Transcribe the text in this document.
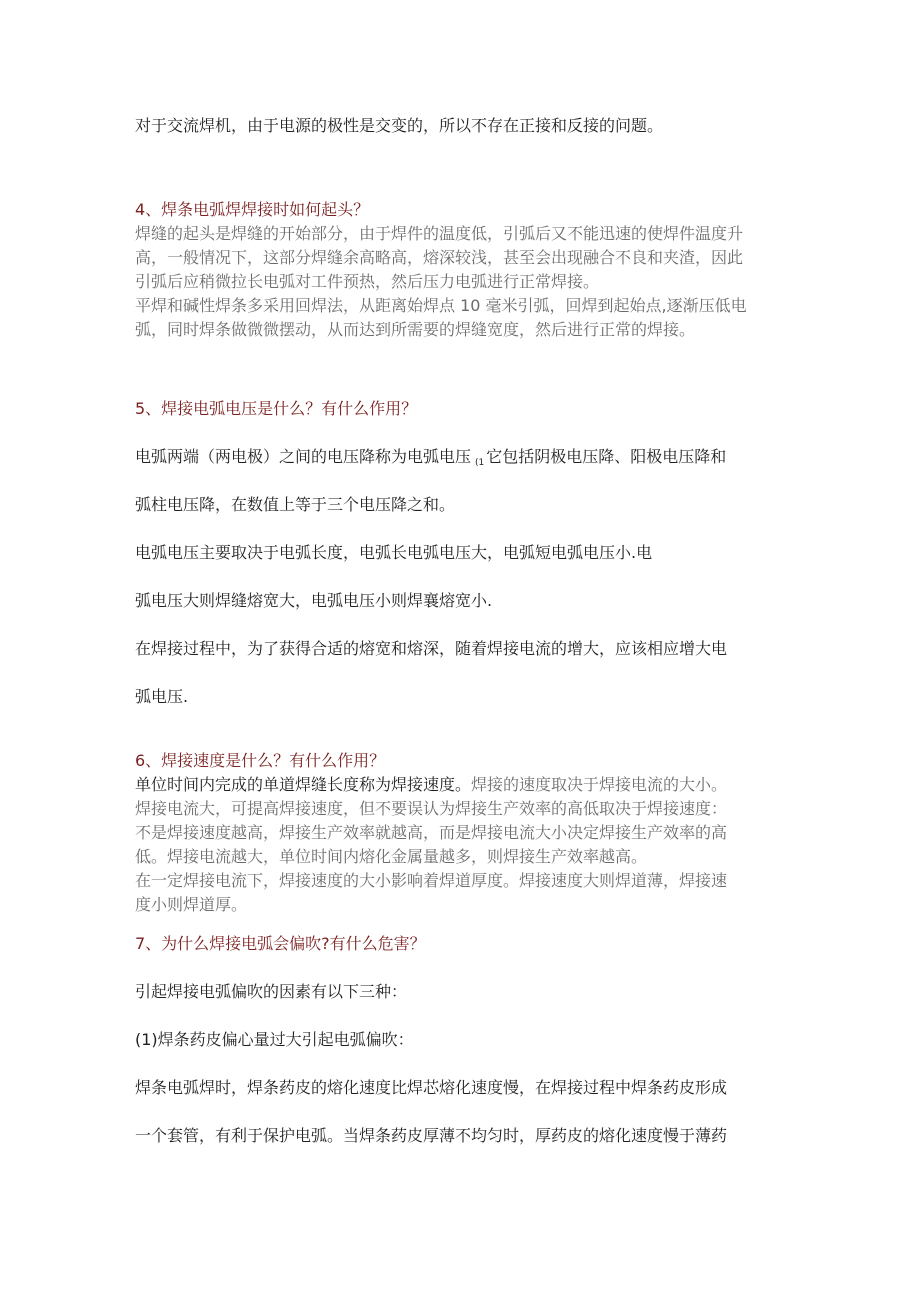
对于交流焊机，由于电源的极性是交变的，所以不存在正接和反接的问题。
4、焊条电弧焊焊接时如何起头？
焊缝的起头是焊缝的开始部分，由于焊件的温度低，引弧后又不能迅速的使焊件温度升
高，一般情况下，这部分焊缝余高略高，熔深较浅，甚至会出现融合不良和夹渣，因此
引弧后应稍微拉长电弧对工件预热，然后压力电弧进行正常焊接。
平焊和碱性焊条多采用回焊法，从距离始焊点 10 毫米引弧，回焊到起始点,逐渐压低电
弧，同时焊条做微微摆动，从而达到所需要的焊缝宽度，然后进行正常的焊接。
5、焊接电弧电压是什么？有什么作用？
电弧两端（两电极）之间的电压降称为电弧电压 $_{(1}$ 它包括阴极电压降、阳极电压降和
弧柱电压降，在数值上等于三个电压降之和。
电弧电压主要取决于电弧长度，电弧长电弧电压大，电弧短电弧电压小.电
弧电压大则焊缝熔宽大，电弧电压小则焊襄熔宽小.
在焊接过程中，为了获得合适的熔宽和熔深，随着焊接电流的增大，应该相应增大电
弧电压.
6、焊接速度是什么？有什么作用？
单位时间内完成的单道焊缝长度称为焊接速度。焊接的速度取决于焊接电流的大小。
焊接电流大，可提高焊接速度，但不要误认为焊接生产效率的高低取决于焊接速度：
不是焊接速度越高，焊接生产效率就越高，而是焊接电流大小决定焊接生产效率的高
低。焊接电流越大，单位时间内熔化金属量越多，则焊接生产效率越高。
在一定焊接电流下，焊接速度的大小影响着焊道厚度。焊接速度大则焊道薄，焊接速
度小则焊道厚。
7、为什么焊接电弧会偏吹?有什么危害？
引起焊接电弧偏吹的因素有以下三种：
(1)焊条药皮偏心量过大引起电弧偏吹：
焊条电弧焊时，焊条药皮的熔化速度比焊芯熔化速度慢，在焊接过程中焊条药皮形成
一个套管，有利于保护电弧。当焊条药皮厚薄不均匀时，厚药皮的熔化速度慢于薄药
